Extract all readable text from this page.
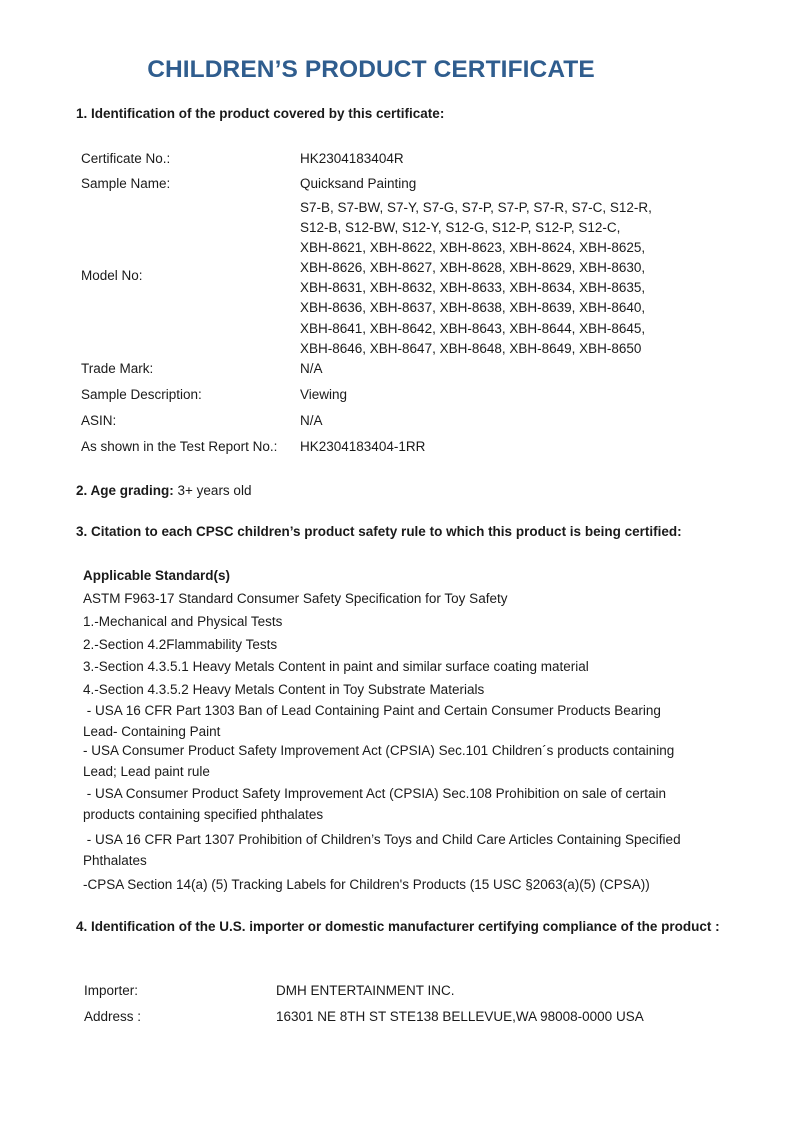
CHILDREN’S PRODUCT CERTIFICATE
1. Identification of the product covered by this certificate:
Certificate No.:	HK2304183404R
Sample Name:	Quicksand Painting
Model No:
S7-B, S7-BW, S7-Y, S7-G, S7-P, S7-P, S7-R, S7-C, S12-R,
S12-B, S12-BW, S12-Y, S12-G, S12-P, S12-P, S12-C,
XBH-8621, XBH-8622, XBH-8623, XBH-8624, XBH-8625,
XBH-8626, XBH-8627, XBH-8628, XBH-8629, XBH-8630,
XBH-8631, XBH-8632, XBH-8633, XBH-8634, XBH-8635,
XBH-8636, XBH-8637, XBH-8638, XBH-8639, XBH-8640,
XBH-8641, XBH-8642, XBH-8643, XBH-8644, XBH-8645,
XBH-8646, XBH-8647, XBH-8648, XBH-8649, XBH-8650
Trade Mark:	N/A
Sample Description:	Viewing
ASIN:	N/A
As shown in the Test Report No.: HK2304183404-1RR
2. Age grading: 3+ years old
3. Citation to each CPSC children’s product safety rule to which this product is being certified:
Applicable Standard(s)
ASTM F963-17 Standard Consumer Safety Specification for Toy Safety
1.-Mechanical and Physical Tests
2.-Section 4.2Flammability Tests
3.-Section 4.3.5.1 Heavy Metals Content in paint and similar surface coating material
4.-Section 4.3.5.2 Heavy Metals Content in Toy Substrate Materials
- USA 16 CFR Part 1303 Ban of Lead Containing Paint and Certain Consumer Products Bearing Lead- Containing Paint
- USA Consumer Product Safety Improvement Act (CPSIA) Sec.101 Children´s products containing Lead; Lead paint rule
- USA Consumer Product Safety Improvement Act (CPSIA) Sec.108 Prohibition on sale of certain products containing specified phthalates
- USA 16 CFR Part 1307 Prohibition of Children’s Toys and Child Care Articles Containing Specified Phthalates
-CPSA Section 14(a) (5) Tracking Labels for Children's Products (15 USC §2063(a)(5) (CPSA))
4. Identification of the U.S. importer or domestic manufacturer certifying compliance of the product :
Importer:	DMH ENTERTAINMENT INC.
Address :	16301 NE 8TH ST STE138 BELLEVUE,WA 98008-0000 USA
